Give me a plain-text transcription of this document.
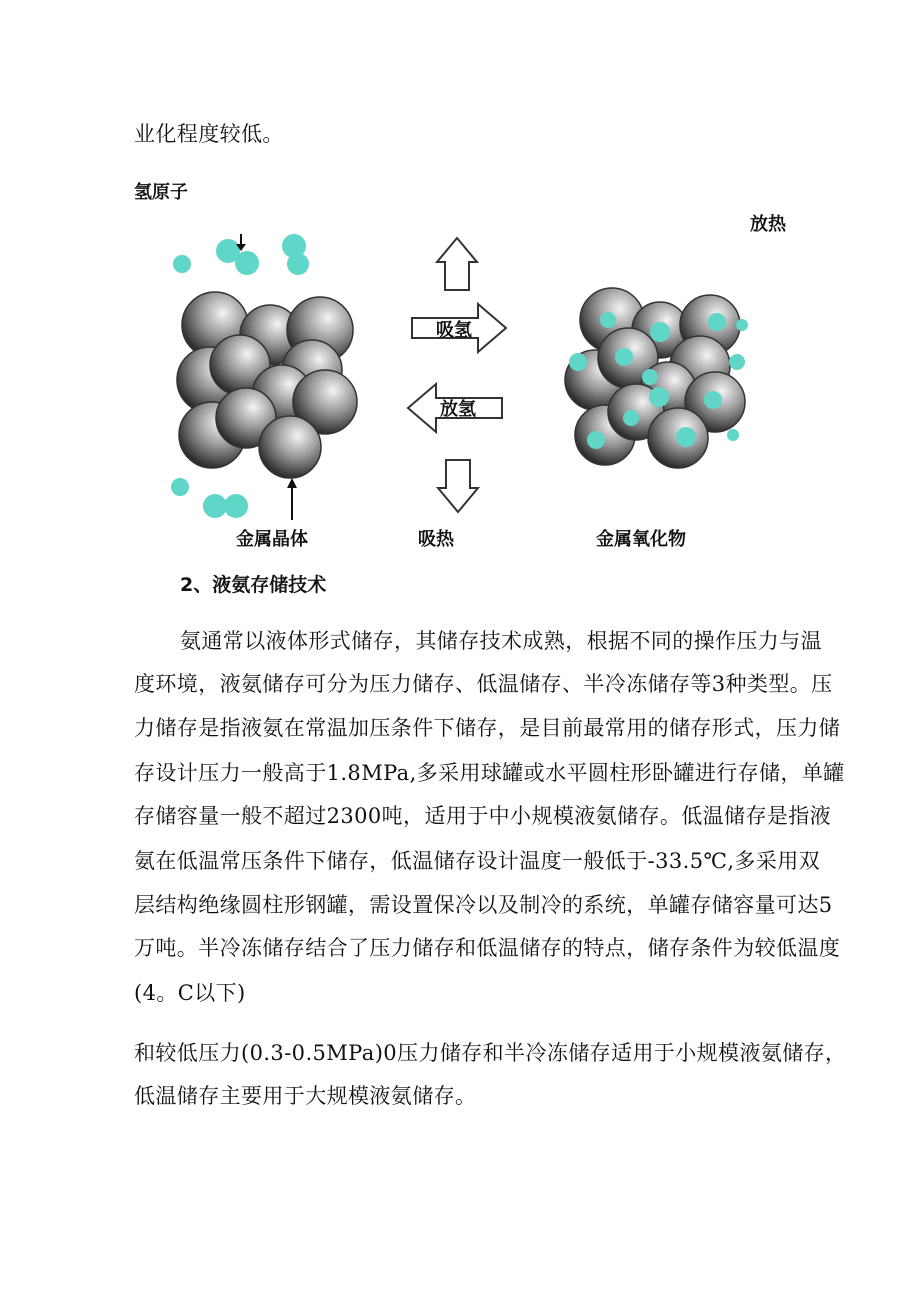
业化程度较低。
氢原子
放热
吸氢
放氢
金属晶体	吸热	金属氧化物
2、液氨存储技术
氨通常以液体形式储存，其储存技术成熟，根据不同的操作压力与温
度环境，液氨储存可分为压力储存、低温储存、半冷冻储存等3种类型。压
力储存是指液氨在常温加压条件下储存，是目前最常用的储存形式，压力储
存设计压力一般高于1.8MPa,多采用球罐或水平圆柱形卧罐进行存储，单罐
存储容量一般不超过2300吨，适用于中小规模液氨储存。低温储存是指液
氨在低温常压条件下储存，低温储存设计温度一般低于-33.5℃,多采用双
层结构绝缘圆柱形钢罐，需设置保冷以及制冷的系统，单罐存储容量可达5
万吨。半冷冻储存结合了压力储存和低温储存的特点，储存条件为较低温度
(4。C以下)
和较低压力(0.3-0.5MPa)0压力储存和半冷冻储存适用于小规模液氨储存，
低温储存主要用于大规模液氨储存。
